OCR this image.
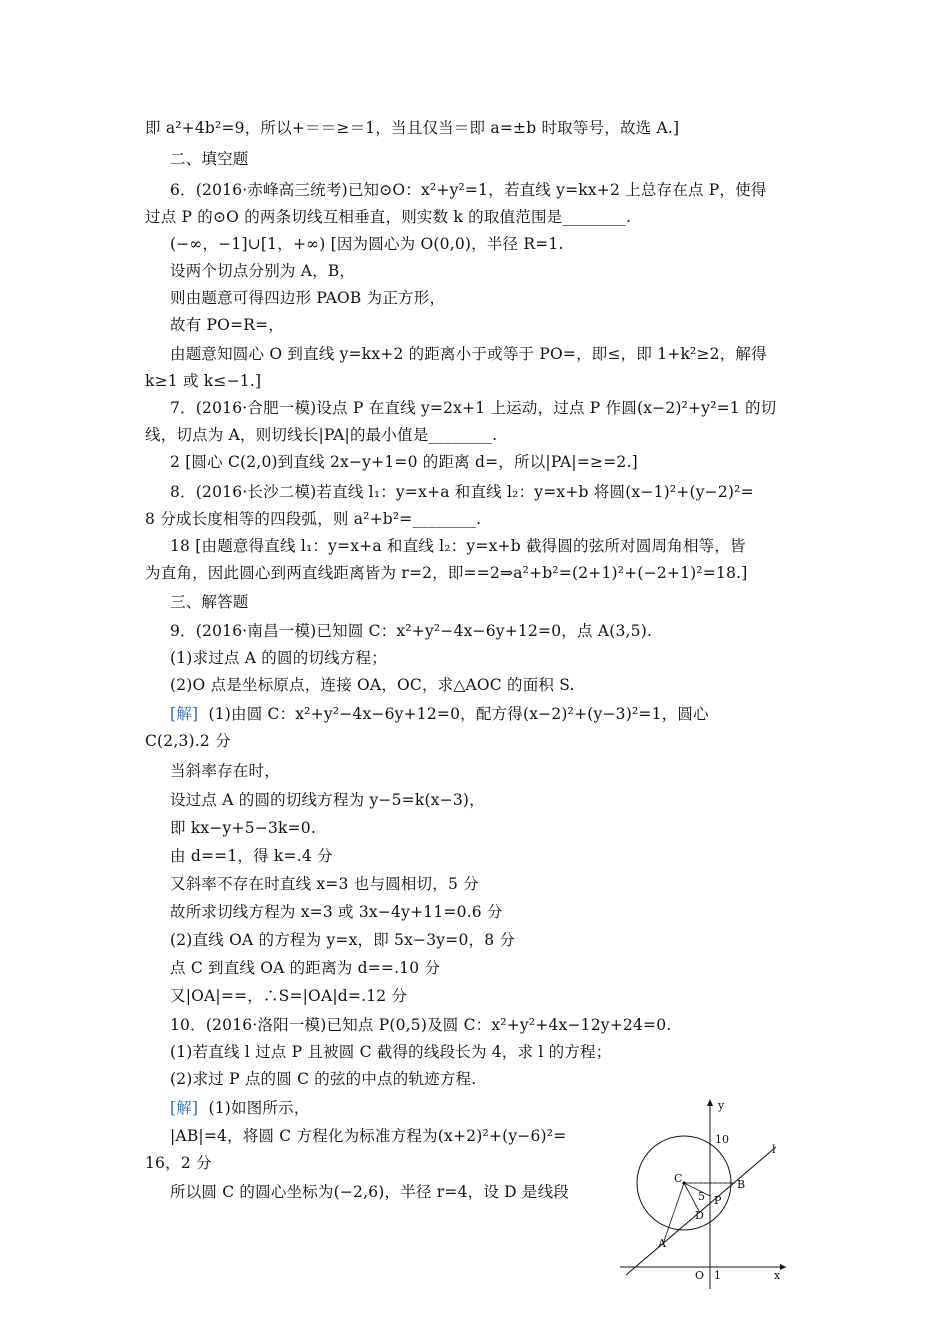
即 a²+4b²=9，所以+＝＝≥＝1，当且仅当＝即 a=±b 时取等号，故选 A.]
二、填空题
6．(2016·赤峰高三统考)已知⊙O：x²+y²=1，若直线 y=kx+2 上总存在点 P，使得
过点 P 的⊙O 的两条切线互相垂直，则实数 k 的取值范围是________.
(−∞，−1]∪[1，+∞) [因为圆心为 O(0,0)，半径 R=1.
设两个切点分别为 A，B，
则由题意可得四边形 PAOB 为正方形，
故有 PO=R=，
由题意知圆心 O 到直线 y=kx+2 的距离小于或等于 PO=，即≤，即 1+k²≥2，解得
k≥1 或 k≤−1.]
7．(2016·合肥一模)设点 P 在直线 y=2x+1 上运动，过点 P 作圆(x−2)²+y²=1 的切
线，切点为 A，则切线长|PA|的最小值是________.
2 [圆心 C(2,0)到直线 2x−y+1=0 的距离 d=，所以|PA|=≥=2.]
8．(2016·长沙二模)若直线 l₁：y=x+a 和直线 l₂：y=x+b 将圆(x−1)²+(y−2)²=
8 分成长度相等的四段弧，则 a²+b²=________.
18 [由题意得直线 l₁：y=x+a 和直线 l₂：y=x+b 截得圆的弦所对圆周角相等，皆
为直角，因此圆心到两直线距离皆为 r=2，即==2⇒a²+b²=(2+1)²+(−2+1)²=18.]
三、解答题
9．(2016·南昌一模)已知圆 C：x²+y²−4x−6y+12=0，点 A(3,5).
(1)求过点 A 的圆的切线方程；
(2)O 点是坐标原点，连接 OA，OC，求△AOC 的面积 S.
[解] (1)由圆 C：x²+y²−4x−6y+12=0，配方得(x−2)²+(y−3)²=1，圆心
C(2,3).2 分
当斜率存在时，
设过点 A 的圆的切线方程为 y−5=k(x−3)，
即 kx−y+5−3k=0.
由 d==1，得 k=.4 分
又斜率不存在时直线 x=3 也与圆相切，5 分
故所求切线方程为 x=3 或 3x−4y+11=0.6 分
(2)直线 OA 的方程为 y=x，即 5x−3y=0，8 分
点 C 到直线 OA 的距离为 d==.10 分
又|OA|==，∴S=|OA|d=.12 分
10．(2016·洛阳一模)已知点 P(0,5)及圆 C：x²+y²+4x−12y+24=0.
(1)若直线 l 过点 P 且被圆 C 截得的线段长为 4，求 l 的方程；
(2)求过 P 点的圆 C 的弦的中点的轨迹方程.
[解] (1)如图所示，
|AB|=4，将圆 C 方程化为标准方程为(x+2)²+(y−6)²=
16，2 分
所以圆 C 的圆心坐标为(−2,6)，半径 r=4，设 D 是线段
y
x
10
l
C	B
5 P
D
A
O 1
